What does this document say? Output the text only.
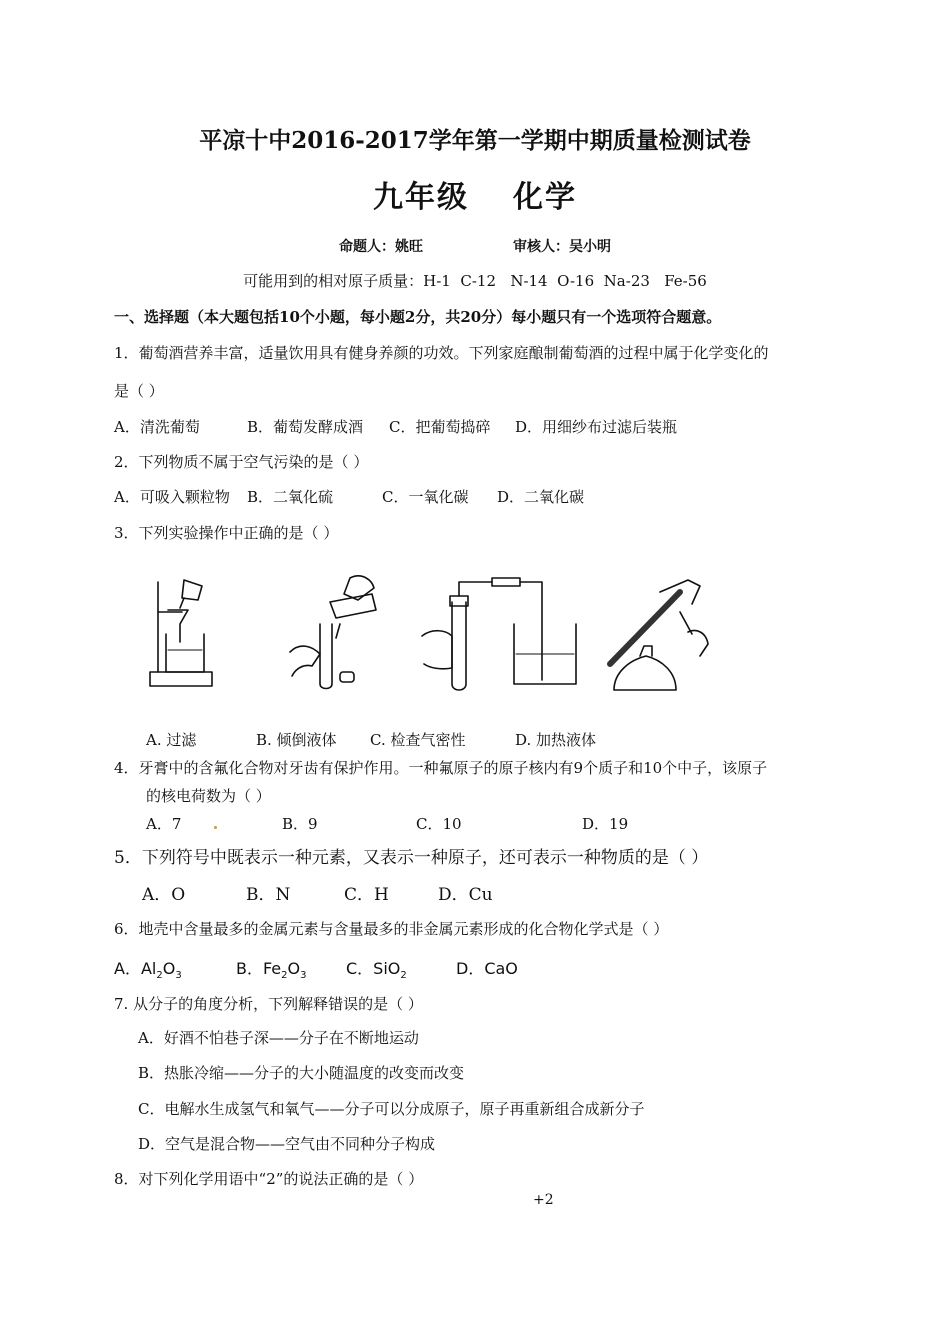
平凉十中2016-2017学年第一学期中期质量检测试卷
九年级 化学
命题人：姚旺	审核人：吴小明
可能用到的相对原子质量：H-1  C-12   N-14  O-16  Na-23   Fe-56
一、选择题（本大题包括10个小题，每小题2分，共20分）每小题只有一个选项符合题意。
1．葡萄酒营养丰富，适量饮用具有健身养颜的功效。下列家庭酿制葡萄酒的过程中属于化学变化的
是（ ）
A．清洗葡萄	B．葡萄发酵成酒 C．把葡萄捣碎 D．用细纱布过滤后装瓶
2．下列物质不属于空气污染的是（ ）
A．可吸入颗粒物 B．二氧化硫	C．一氧化碳 D．二氧化碳
3．下列实验操作中正确的是（ ）
A. 过滤	B. 倾倒液体 C. 检查气密性	D. 加热液体
4．牙膏中的含氟化合物对牙齿有保护作用。一种氟原子的原子核内有9个质子和10个中子，该原子
的核电荷数为（ ）
A．7	B．9	C．10	D．19
5．下列符号中既表示一种元素，又表示一种原子，还可表示一种物质的是（ ）
A．O	B．N	C．H	D．Cu
6．地壳中含量最多的金属元素与含量最多的非金属元素形成的化合物化学式是（ ）
A．$Al_2O_3$	B．$Fe_2O_3$ C．SiO$_2$	D．CaO
7. 从分子的角度分析，下列解释错误的是（ ）
A．好酒不怕巷子深——分子在不断地运动
B．热胀冷缩——分子的大小随温度的改变而改变
C．电解水生成氢气和氧气——分子可以分成原子，原子再重新组合成新分子
D．空气是混合物——空气由不同种分子构成
8．对下列化学用语中“2”的说法正确的是（ ）
+2
